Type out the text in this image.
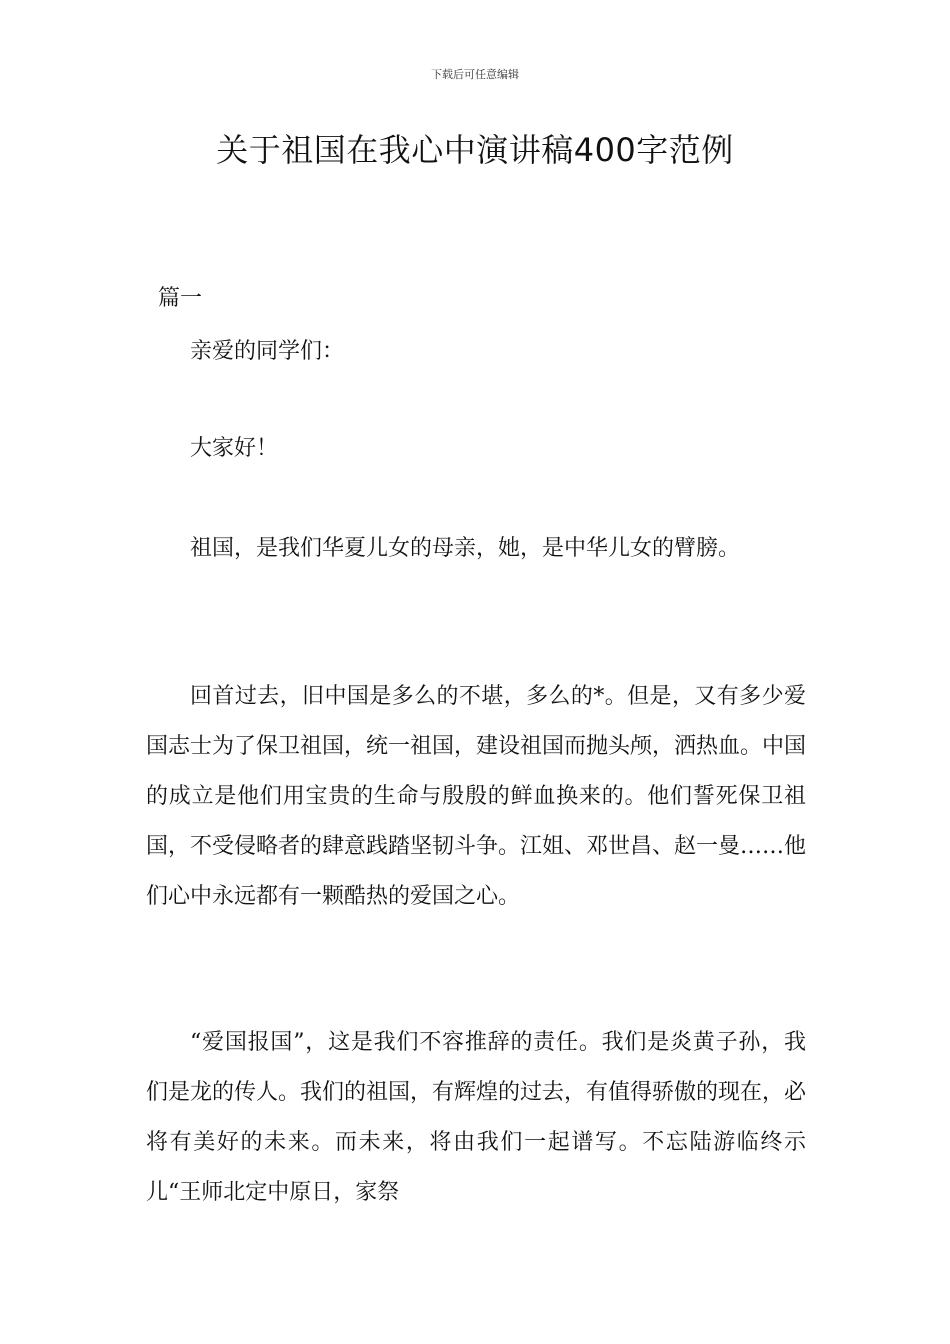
下载后可任意编辑
关于祖国在我心中演讲稿400字范例
篇一

亲爱的同学们：

大家好！

祖国，是我们华夏儿女的母亲，她，是中华儿女的臂膀。

回首过去，旧中国是多么的不堪，多么的*。但是，又有多少爱国志士为了保卫祖国，统一祖国，建设祖国而抛头颅，洒热血。中国的成立是他们用宝贵的生命与殷殷的鲜血换来的。他们誓死保卫祖国，不受侵略者的肆意践踏坚韧斗争。江姐、邓世昌、赵一曼……他们心中永远都有一颗酷热的爱国之心。

“爱国报国”，这是我们不容推辞的责任。我们是炎黄子孙，我们是龙的传人。我们的祖国，有辉煌的过去，有值得骄傲的现在，必将有美好的未来。而未来，将由我们一起谱写。不忘陆游临终示儿“王师北定中原日，家祭
